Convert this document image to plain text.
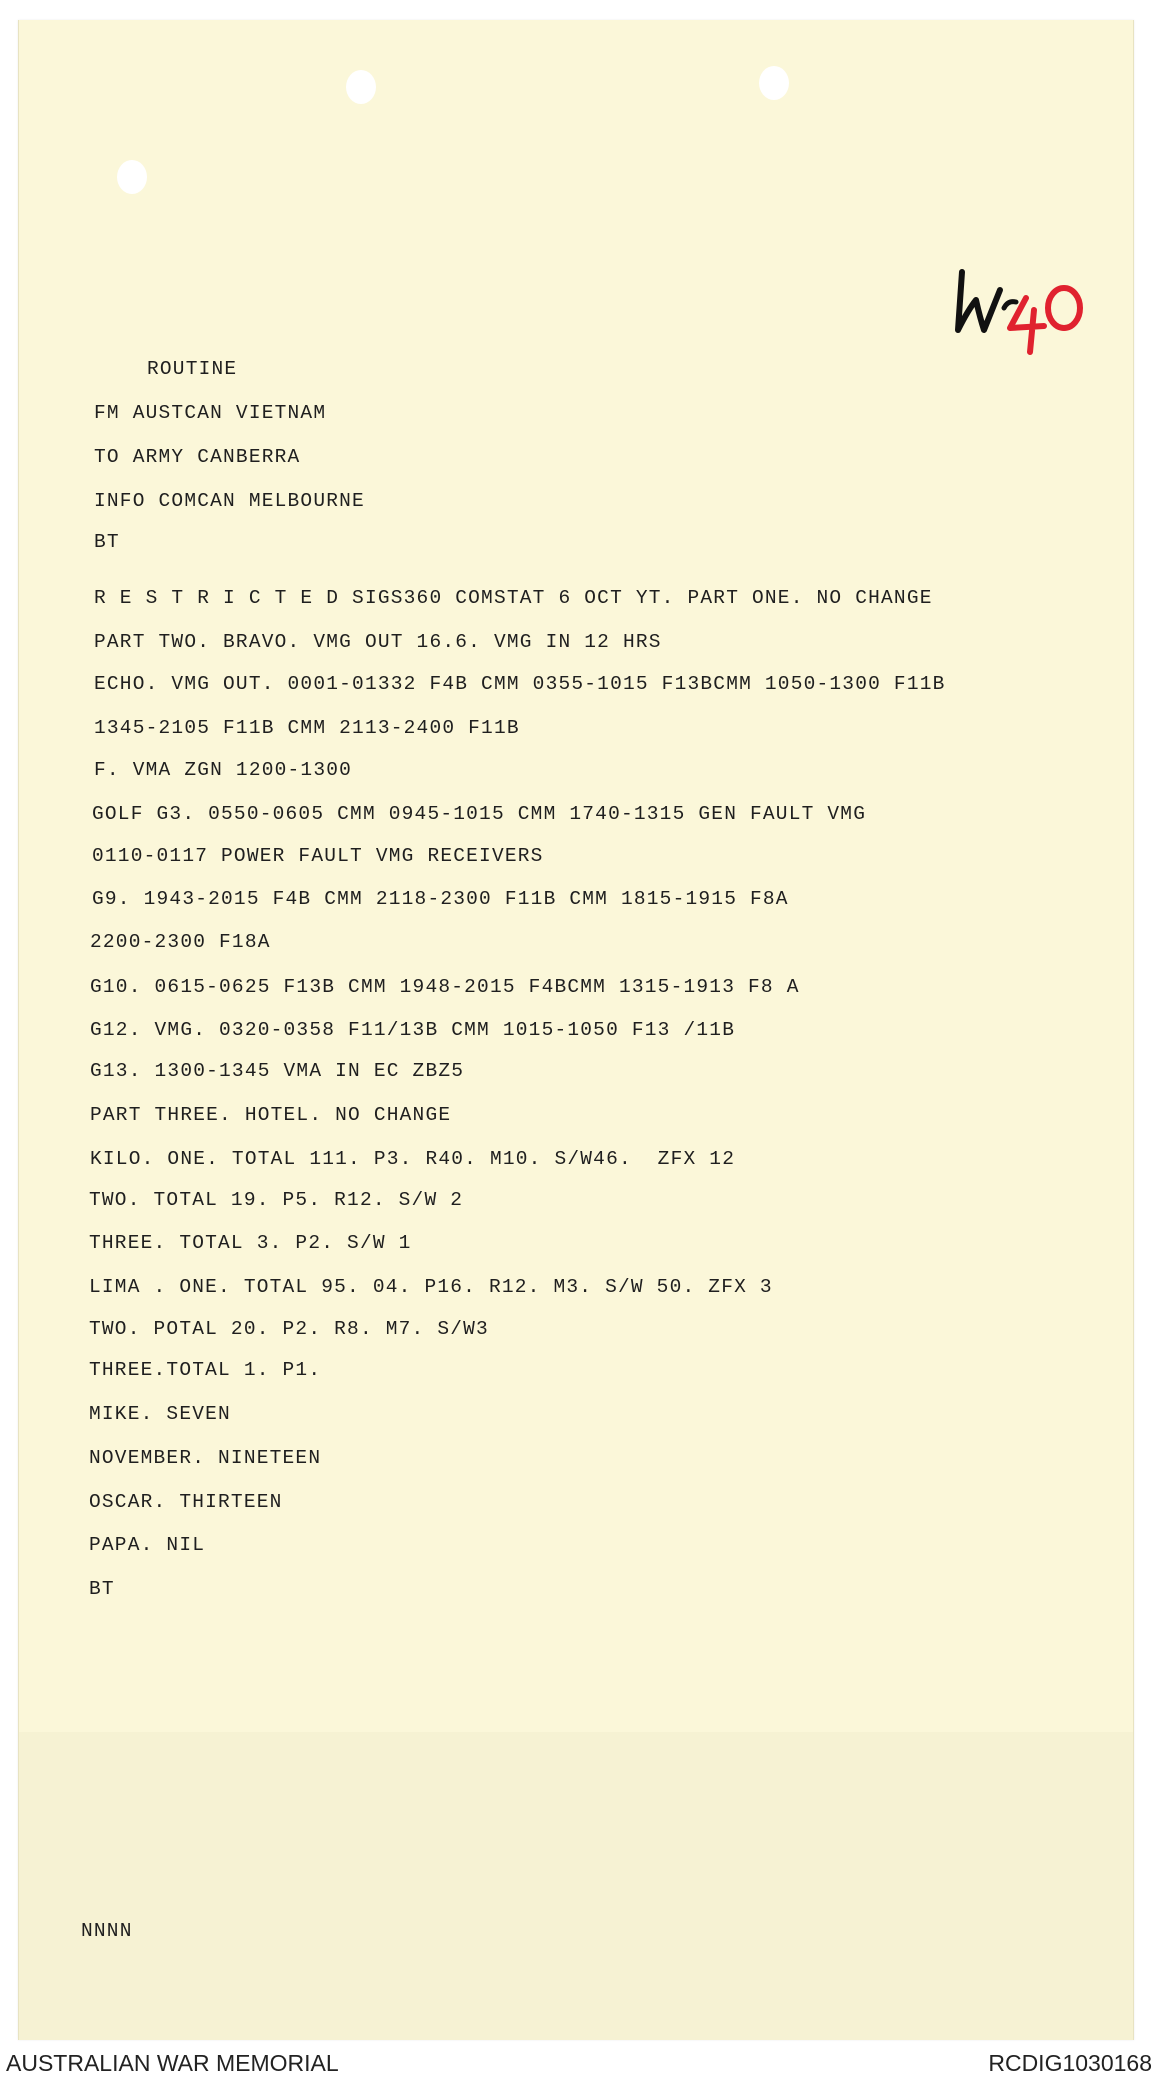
ROUTINE

FM AUSTCAN VIETNAM

TO ARMY CANBERRA

INFO COMCAN MELBOURNE

BT

R E S T R I C T E D SIGS360 COMSTAT 6 OCT YT. PART ONE. NO CHANGE

PART TWO. BRAVO. VMG OUT 16.6. VMG IN 12 HRS

ECHO. VMG OUT. 0001-01332 F4B CMM 0355-1015 F13BCMM 1050-1300 F11B

1345-2105 F11B CMM 2113-2400 F11B

F. VMA ZGN 1200-1300

GOLF G3. 0550-0605 CMM 0945-1015 CMM 1740-1315 GEN FAULT VMG

0110-0117 POWER FAULT VMG RECEIVERS

G9. 1943-2015 F4B CMM 2118-2300 F11B CMM 1815-1915 F8A

2200-2300 F18A

G10. 0615-0625 F13B CMM 1948-2015 F4BCMM 1315-1913 F8 A

G12. VMG. 0320-0358 F11/13B CMM 1015-1050 F13 /11B

G13. 1300-1345 VMA IN EC ZBZ5

PART THREE. HOTEL. NO CHANGE

KILO. ONE. TOTAL 111. P3. R40. M10. S/W46.  ZFX 12

TWO. TOTAL 19. P5. R12. S/W 2

THREE. TOTAL 3. P2. S/W 1

LIMA . ONE. TOTAL 95. 04. P16. R12. M3. S/W 50. ZFX 3

TWO. POTAL 20. P2. R8. M7. S/W3

THREE.TOTAL 1. P1.

MIKE. SEVEN

NOVEMBER. NINETEEN

OSCAR. THIRTEEN

PAPA. NIL

BT

NNNN

AUSTRALIAN WAR MEMORIAL	RCDIG1030168
